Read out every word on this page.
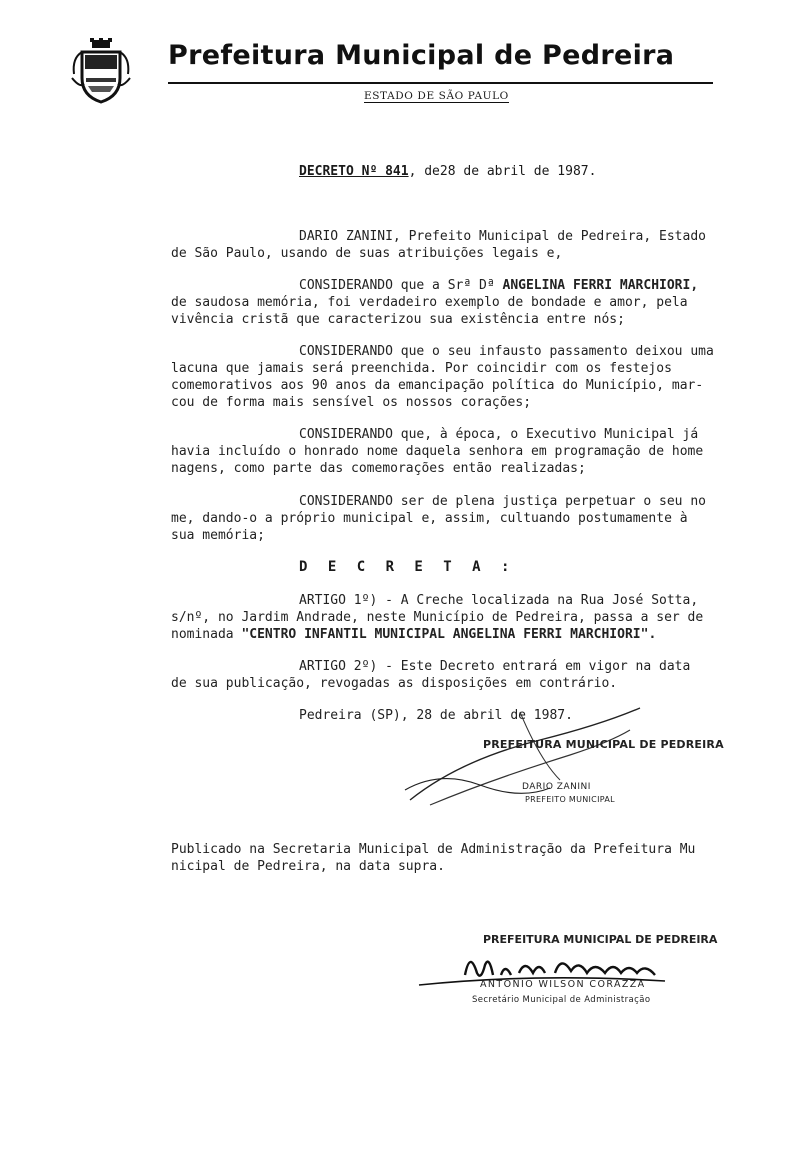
Prefeitura Municipal de Pedreira
ESTADO DE SÃO PAULO
DECRETO Nº 841, de28 de abril de 1987.
DARIO ZANINI, Prefeito Municipal de Pedreira, Estado
de São Paulo, usando de suas atribuições legais e,
CONSIDERANDO que a Srª Dª ANGELINA FERRI MARCHIORI,
de saudosa memória, foi verdadeiro exemplo de bondade e amor, pela
vivência cristã que caracterizou sua existência entre nós;
CONSIDERANDO que o seu infausto passamento deixou uma
lacuna que jamais será preenchida. Por coincidir com os festejos
comemorativos aos 90 anos da emancipação política do Município, mar-
cou de forma mais sensível os nossos corações;
CONSIDERANDO que, à época, o Executivo Municipal já
havia incluído o honrado nome daquela senhora em programação de home
nagens, como parte das comemorações então realizadas;
CONSIDERANDO ser de plena justiça perpetuar o seu no
me, dando-o a próprio municipal e, assim, cultuando postumamente à
sua memória;
D E C R E T A :
ARTIGO 1º) - A Creche localizada na Rua José Sotta,
s/nº, no Jardim Andrade, neste Município de Pedreira, passa a ser de
nominada "CENTRO INFANTIL MUNICIPAL ANGELINA FERRI MARCHIORI".
ARTIGO 2º) - Este Decreto entrará em vigor na data
de sua publicação, revogadas as disposições em contrário.
Pedreira (SP), 28 de abril de 1987.
PREFEITURA MUNICIPAL DE PEDREIRA
DARIO ZANINI
PREFEITO MUNICIPAL
Publicado na Secretaria Municipal de Administração da Prefeitura Mu
nicipal de Pedreira, na data supra.
PREFEITURA MUNICIPAL DE PEDREIRA
ANTONIO WILSON CORAZZA
Secretário Municipal de Administração
